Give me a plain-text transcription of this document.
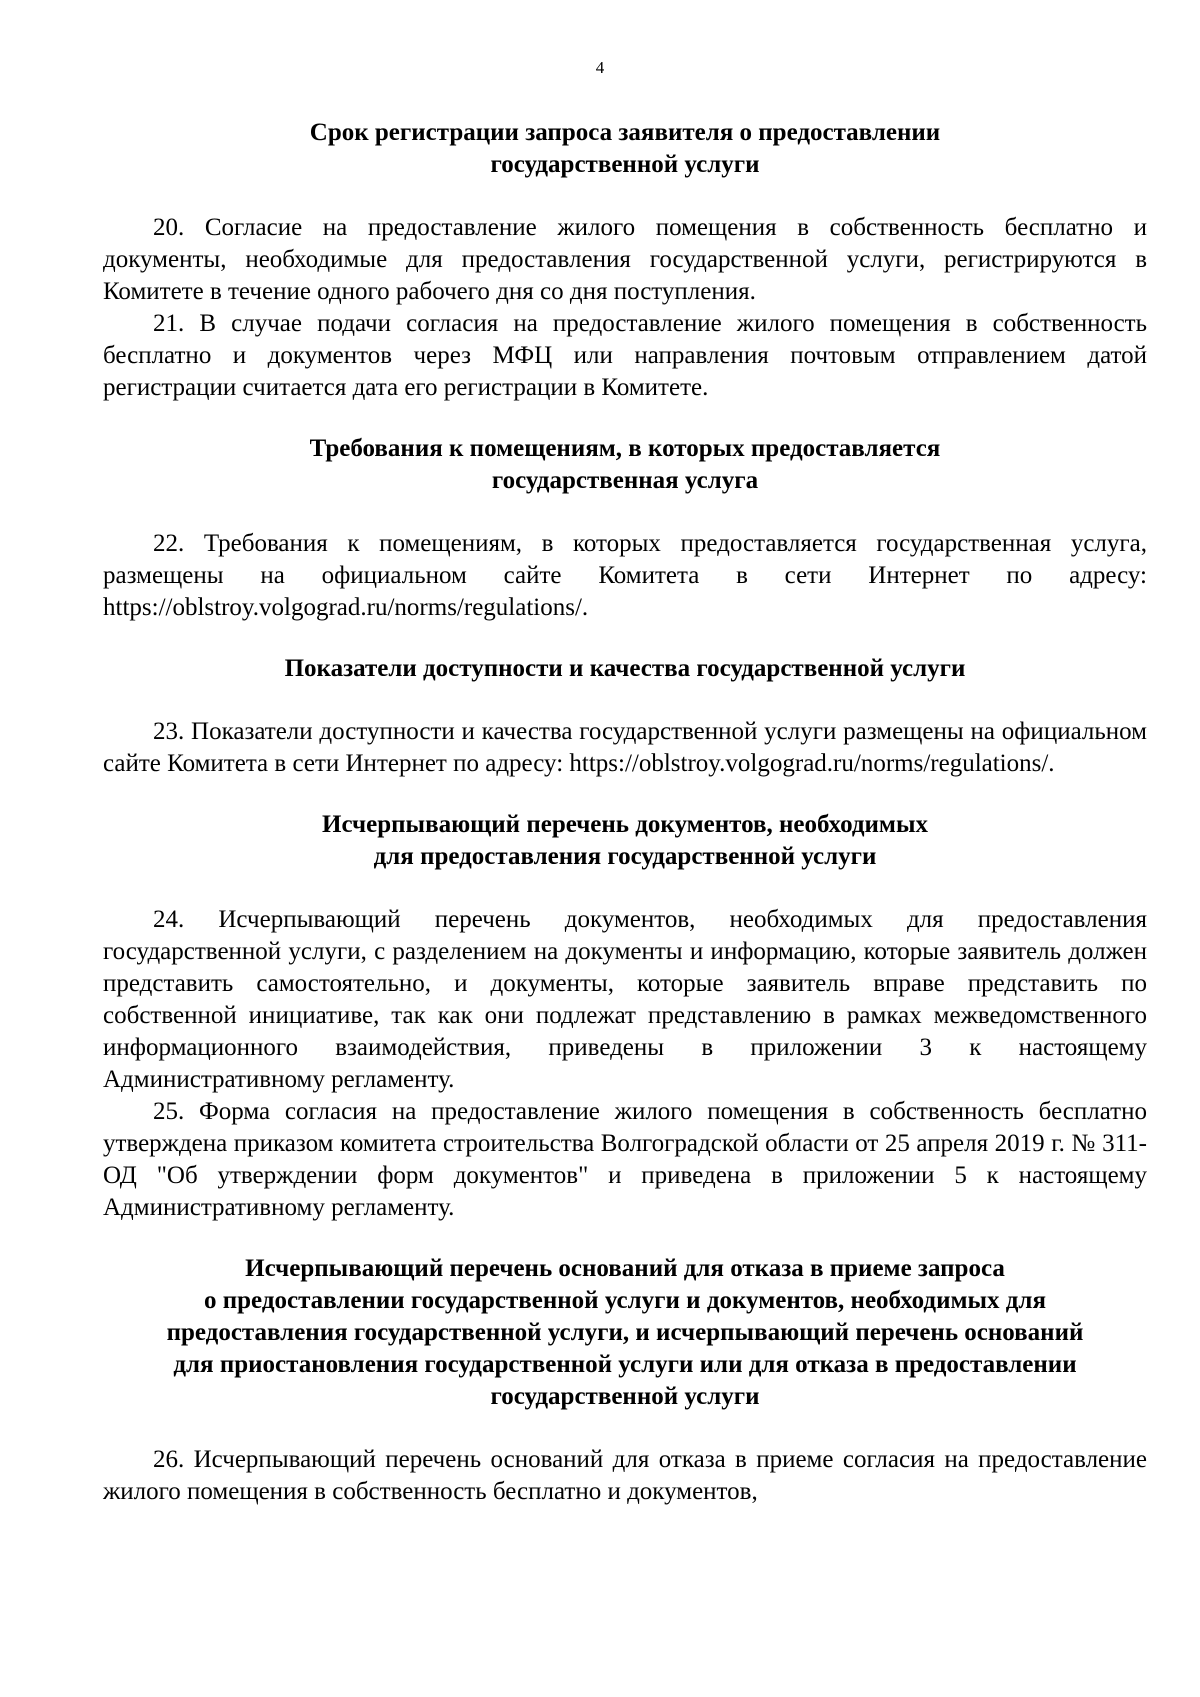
4
Срок регистрации запроса заявителя о предоставлении
государственной услуги

20. Согласие на предоставление жилого помещения в собственность бесплатно и документы, необходимые для предоставления государственной услуги, регистрируются в Комитете в течение одного рабочего дня со дня поступления.

21. В случае подачи согласия на предоставление жилого помещения в собственность бесплатно и документов через МФЦ или направления почтовым отправлением датой регистрации считается дата его регистрации в Комитете.

Требования к помещениям, в которых предоставляется
государственная услуга

22. Требования к помещениям, в которых предоставляется государственная услуга, размещены на официальном сайте Комитета в сети Интернет по адресу: https://oblstroy.volgograd.ru/norms/regulations/.

Показатели доступности и качества государственной услуги

23. Показатели доступности и качества государственной услуги размещены на официальном сайте Комитета в сети Интернет по адресу: https://oblstroy.volgograd.ru/norms/regulations/.

Исчерпывающий перечень документов, необходимых
для предоставления государственной услуги

24. Исчерпывающий перечень документов, необходимых для предоставления государственной услуги, с разделением на документы и информацию, которые заявитель должен представить самостоятельно, и документы, которые заявитель вправе представить по собственной инициативе, так как они подлежат представлению в рамках межведомственного информационного взаимодействия, приведены в приложении 3 к настоящему Административному регламенту.

25. Форма согласия на предоставление жилого помещения в собственность бесплатно утверждена приказом комитета строительства Волгоградской области от 25 апреля 2019 г. № 311-ОД "Об утверждении форм документов" и приведена в приложении 5 к настоящему Административному регламенту.

Исчерпывающий перечень оснований для отказа в приеме запроса
о предоставлении государственной услуги и документов, необходимых для
предоставления государственной услуги, и исчерпывающий перечень оснований
для приостановления государственной услуги или для отказа в предоставлении
государственной услуги

26. Исчерпывающий перечень оснований для отказа в приеме согласия на предоставление жилого помещения в собственность бесплатно и документов,
